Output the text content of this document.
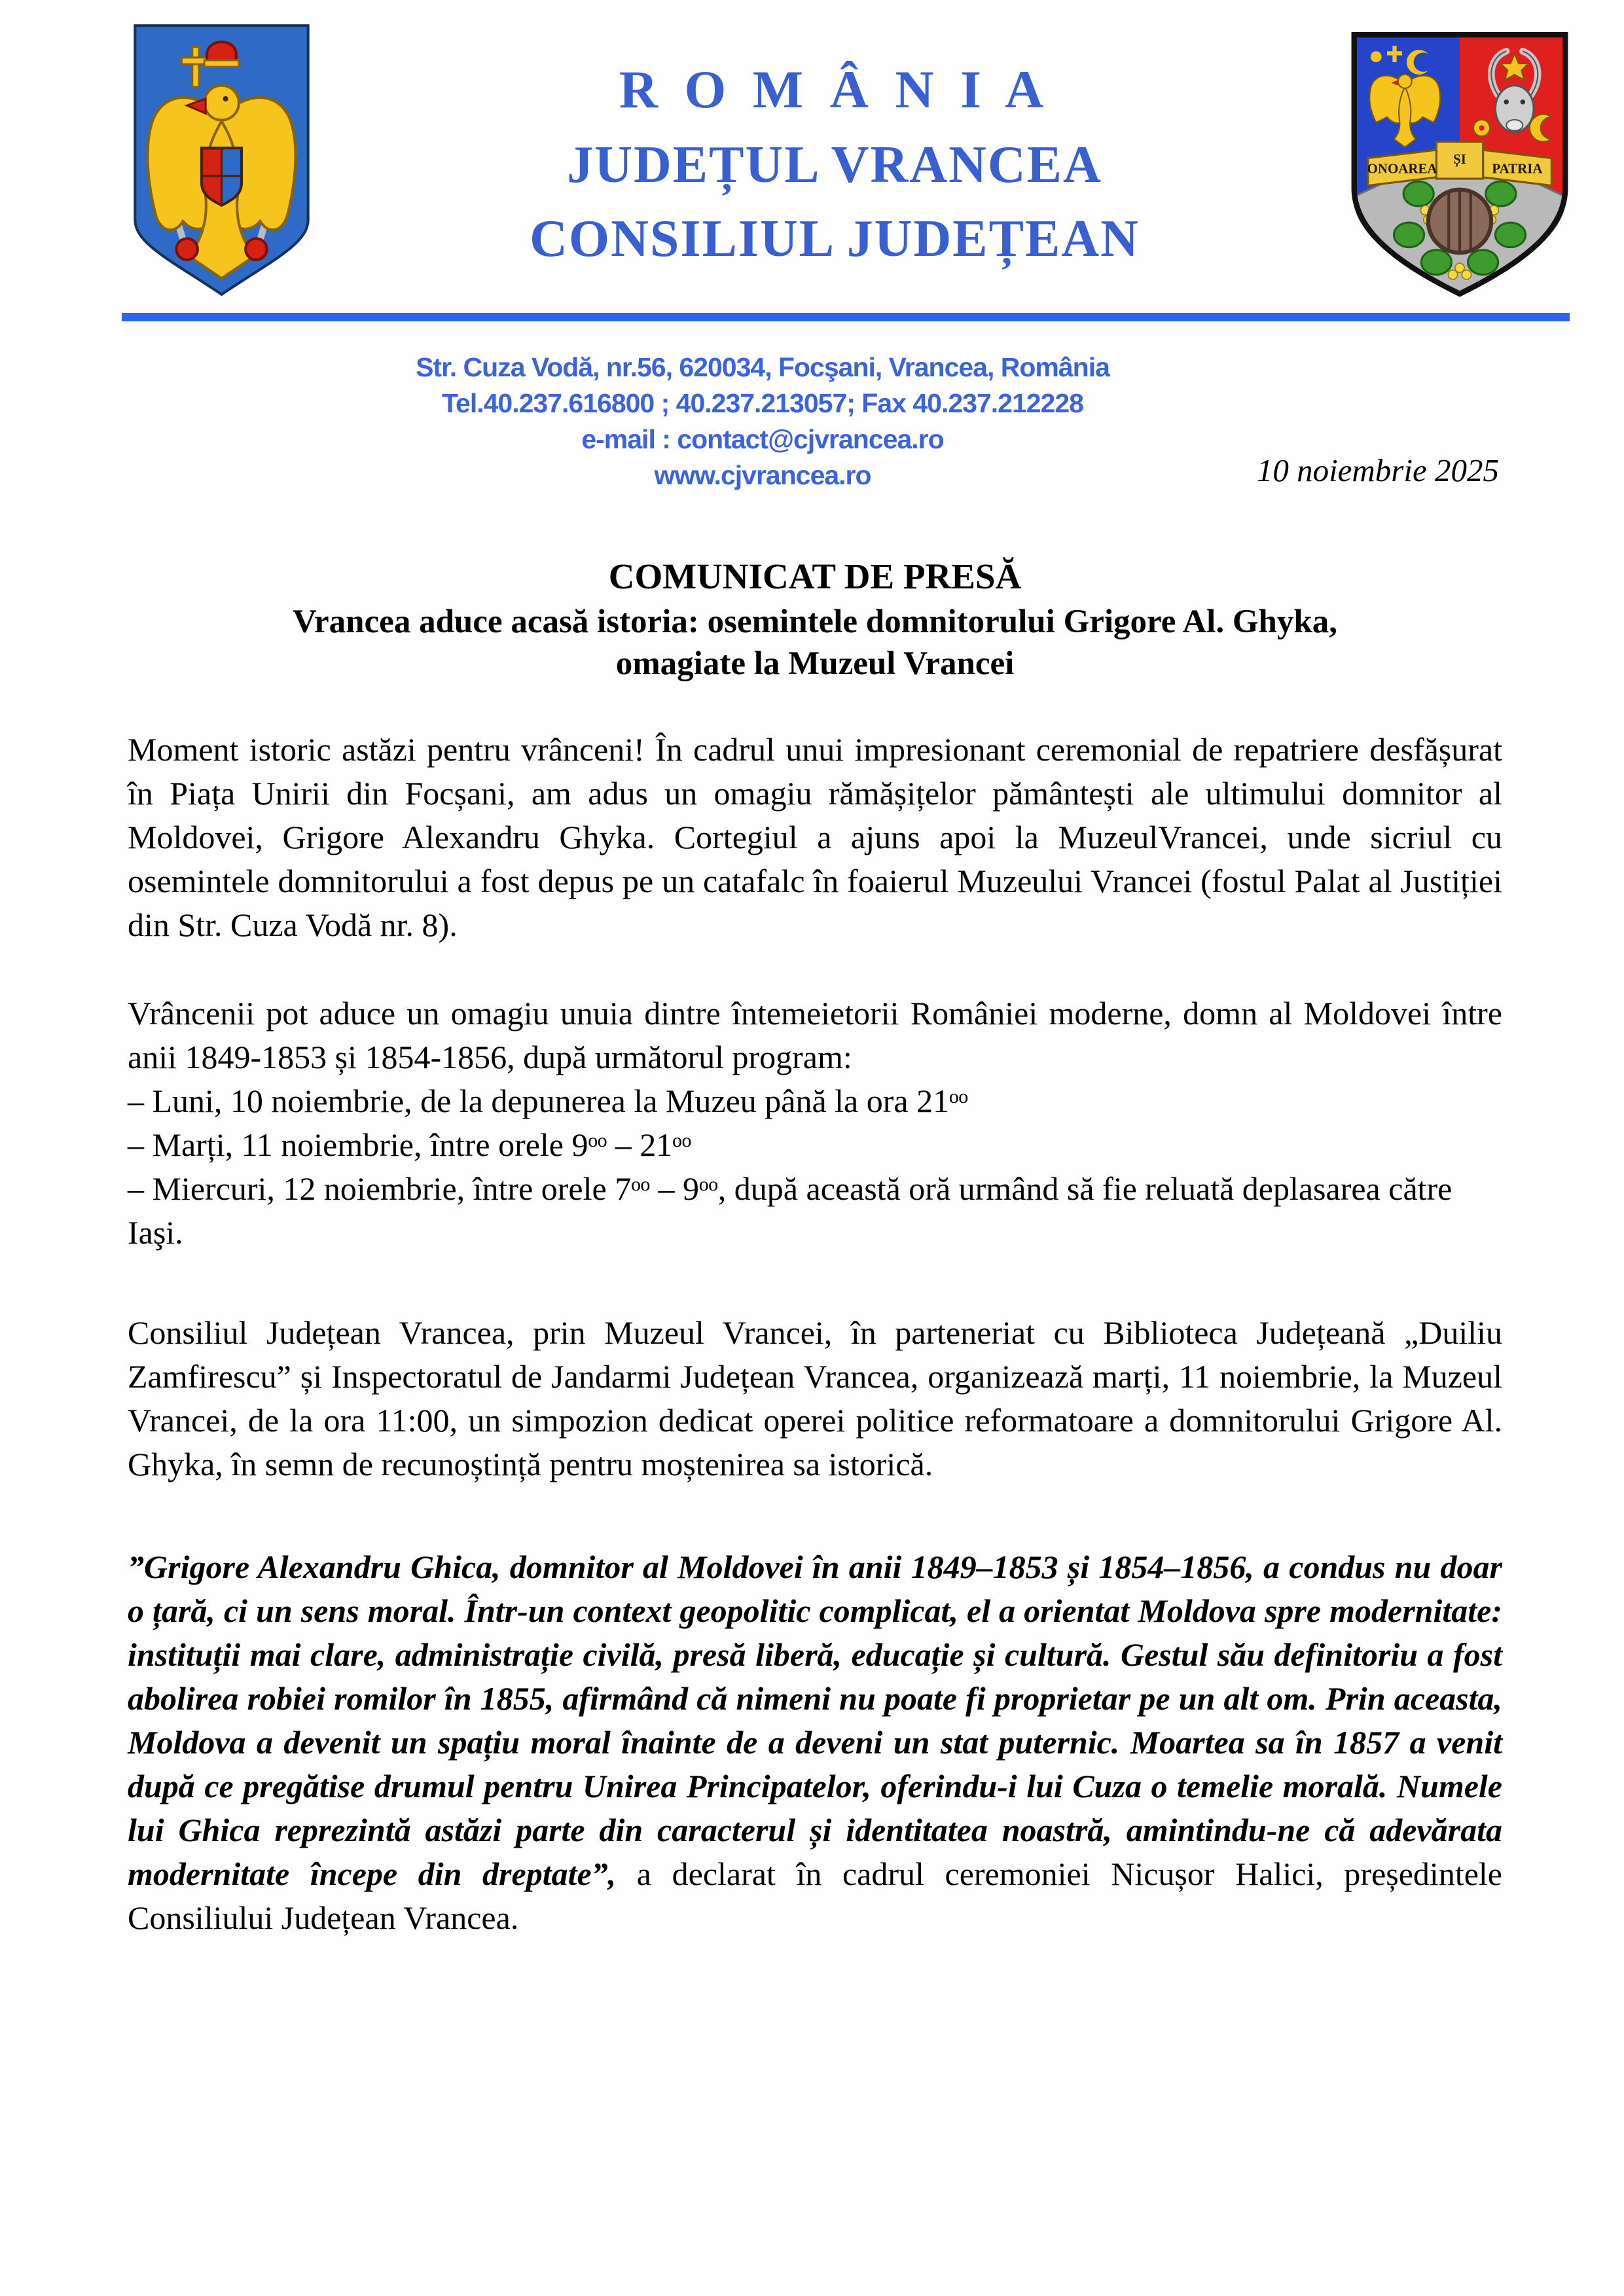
R O M Â N I A
JUDEȚUL VRANCEA
CONSILIUL JUDEȚEAN
ONOAREA
ȘI
PATRIA
Str. Cuza Vodă, nr.56, 620034, Focşani, Vrancea, România
Tel.40.237.616800 ; 40.237.213057; Fax 40.237.212228
e-mail : contact@cjvrancea.ro
www.cjvrancea.ro	10 noiembrie 2025
COMUNICAT DE PRESĂ
Vrancea aduce acasă istoria: osemintele domnitorului Grigore Al. Ghyka,
omagiate la Muzeul Vrancei

Moment istoric astăzi pentru vrânceni! În cadrul unui impresionant ceremonial de repatriere desfășurat în Piața Unirii din Focșani, am adus un omagiu rămășițelor pământești ale ultimului domnitor al Moldovei, Grigore Alexandru Ghyka. Cortegiul a ajuns apoi la MuzeulVrancei, unde sicriul cu osemintele domnitorului a fost depus pe un catafalc în foaierul Muzeului Vrancei (fostul Palat al Justiției din Str. Cuza Vodă nr. 8).

Vrâncenii pot aduce un omagiu unuia dintre întemeietorii României moderne, domn al Moldovei între anii 1849-1853 și 1854-1856, după următorul program:

– Luni, 10 noiembrie, de la depunerea la Muzeu până la ora 21ᵒᵒ
– Marți, 11 noiembrie, între orele 9ᵒᵒ – 21ᵒᵒ
– Miercuri, 12 noiembrie, între orele 7ᵒᵒ – 9ᵒᵒ, după această oră urmând să fie reluată deplasarea către Iaşi.

Consiliul Județean Vrancea, prin Muzeul Vrancei, în parteneriat cu Biblioteca Județeană „Duiliu Zamfirescu” și Inspectoratul de Jandarmi Județean Vrancea, organizează marți, 11 noiembrie, la Muzeul Vrancei, de la ora 11:00, un simpozion dedicat operei politice reformatoare a domnitorului Grigore Al. Ghyka, în semn de recunoștință pentru moștenirea sa istorică.

”Grigore Alexandru Ghica, domnitor al Moldovei în anii 1849–1853 și 1854–1856, a condus nu doar o țară, ci un sens moral. Într-un context geopolitic complicat, el a orientat Moldova spre modernitate: instituții mai clare, administrație civilă, presă liberă, educație și cultură. Gestul său definitoriu a fost abolirea robiei romilor în 1855, afirmând că nimeni nu poate fi proprietar pe un alt om. Prin aceasta, Moldova a devenit un spațiu moral înainte de a deveni un stat puternic. Moartea sa în 1857 a venit după ce pregătise drumul pentru Unirea Principatelor, oferindu-i lui Cuza o temelie morală. Numele lui Ghica reprezintă astăzi parte din caracterul și identitatea noastră, amintindu-ne că adevărata modernitate începe din dreptate”, a declarat în cadrul ceremoniei Nicușor Halici, președintele Consiliului Județean Vrancea.
